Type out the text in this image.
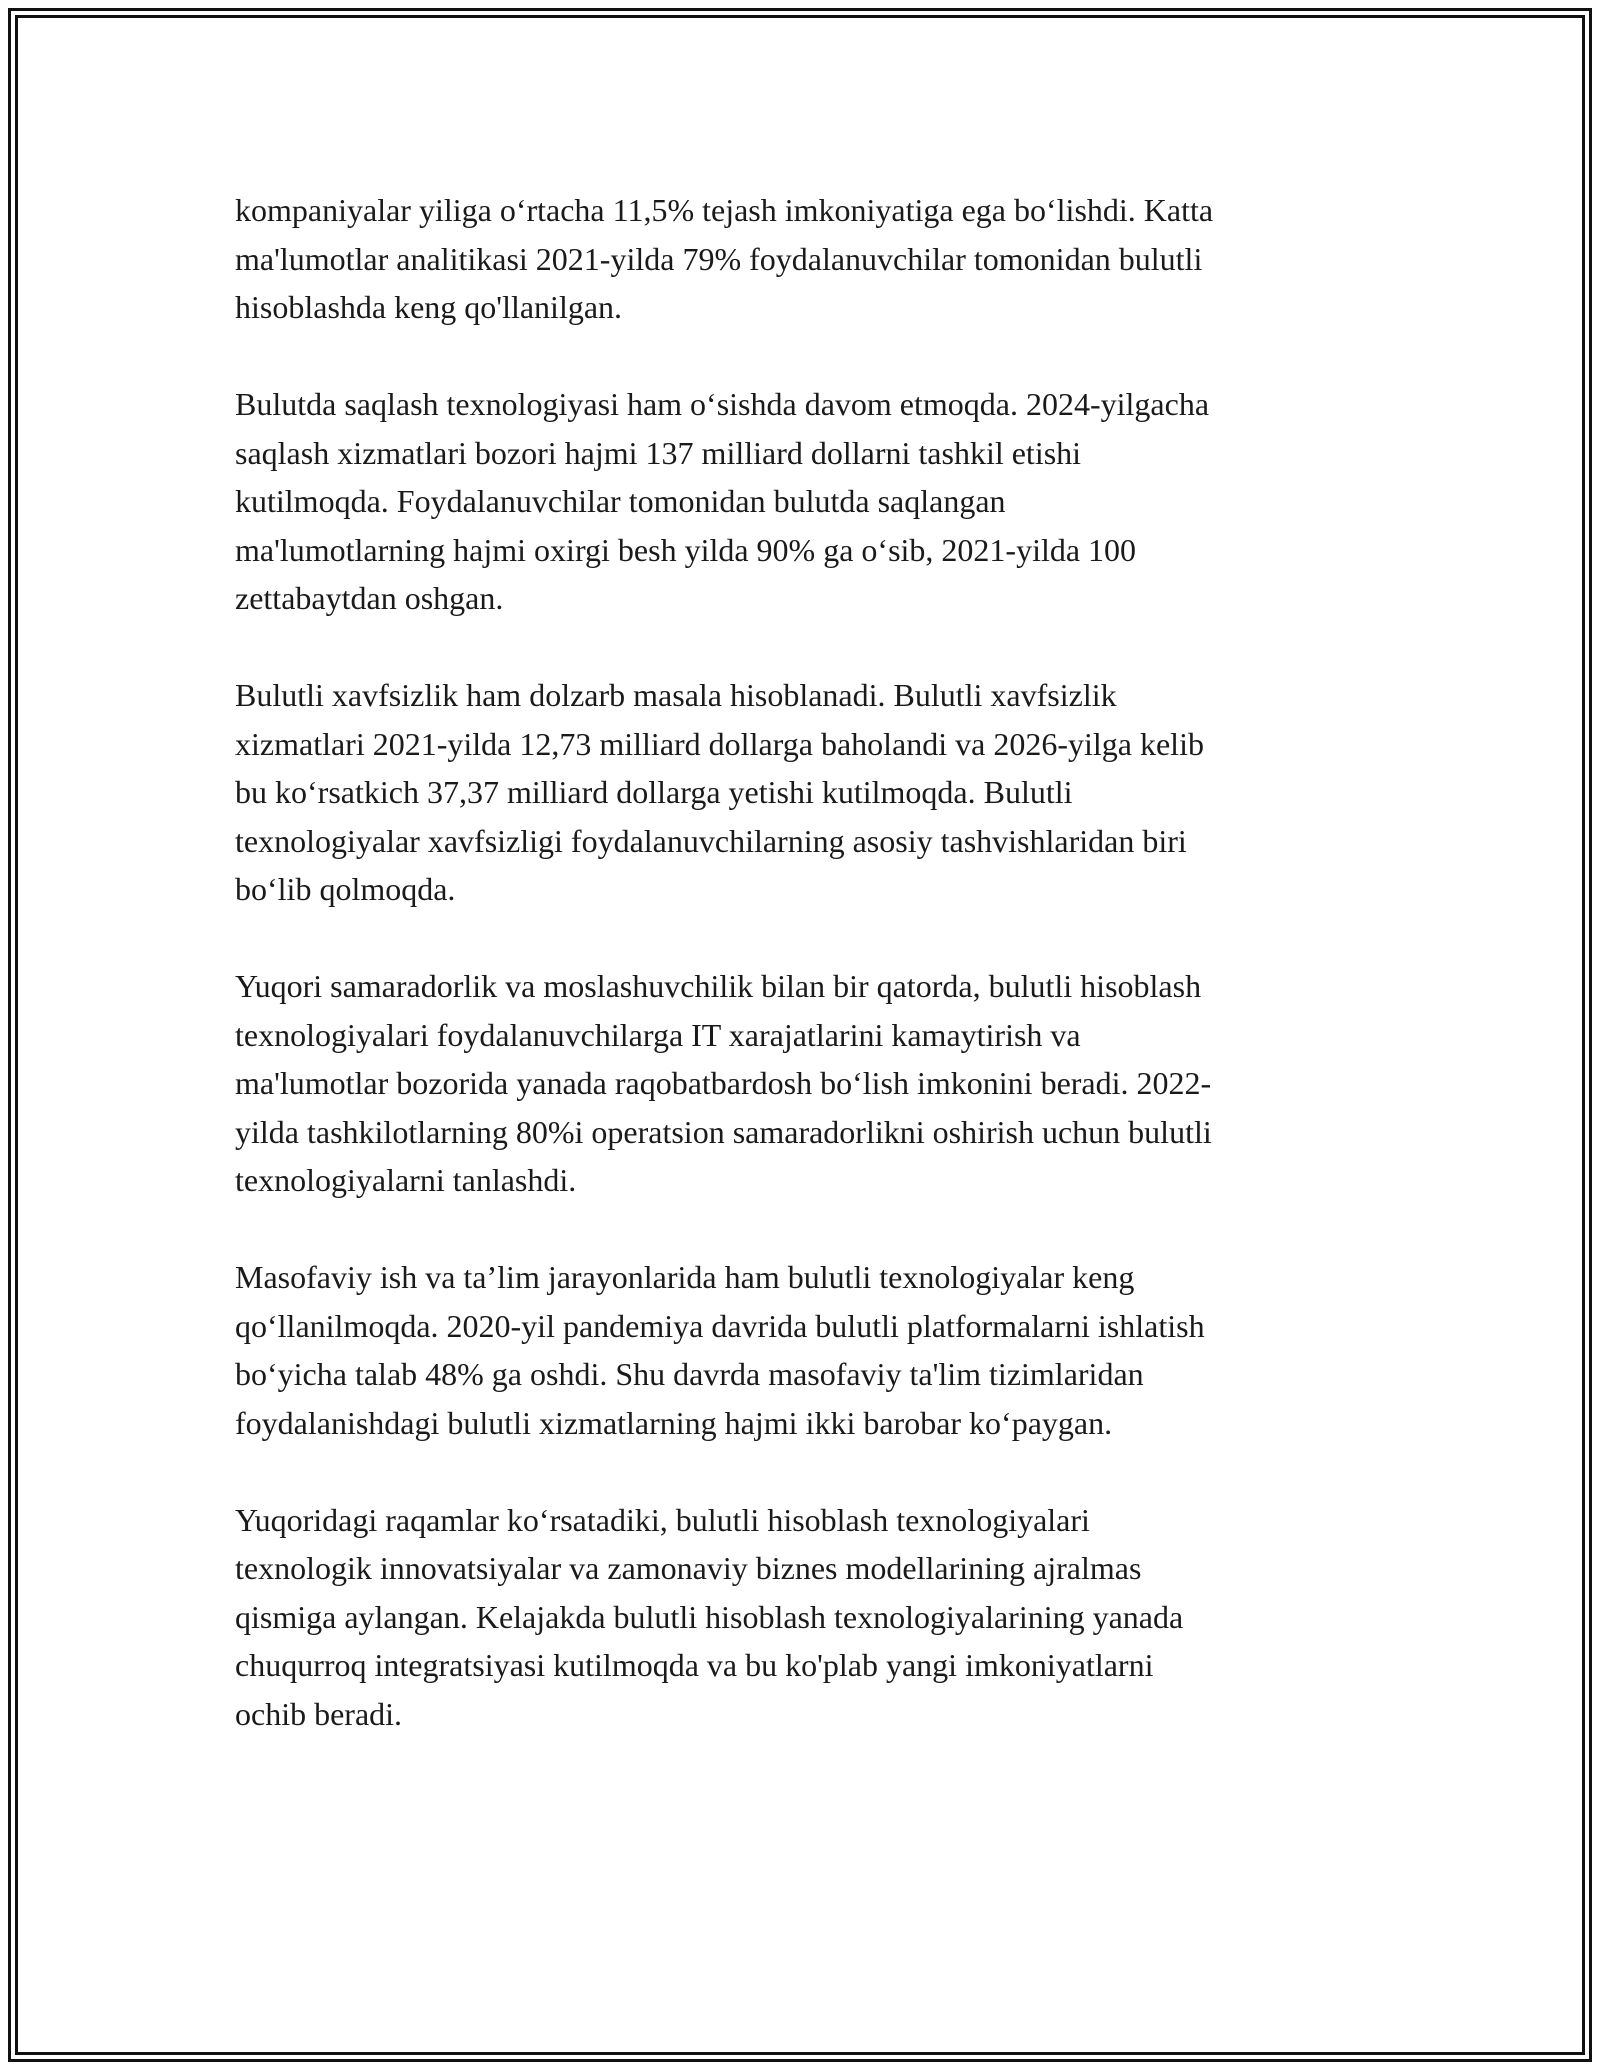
kompaniyalar yiliga o‘rtacha 11,5% tejash imkoniyatiga ega bo‘lishdi. Katta
ma'lumotlar analitikasi 2021-yilda 79% foydalanuvchilar tomonidan bulutli
hisoblashda keng qo'llanilgan.

Bulutda saqlash texnologiyasi ham o‘sishda davom etmoqda. 2024-yilgacha
saqlash xizmatlari bozori hajmi 137 milliard dollarni tashkil etishi
kutilmoqda. Foydalanuvchilar tomonidan bulutda saqlangan
ma'lumotlarning hajmi oxirgi besh yilda 90% ga o‘sib, 2021-yilda 100
zettabaytdan oshgan.

Bulutli xavfsizlik ham dolzarb masala hisoblanadi. Bulutli xavfsizlik
xizmatlari 2021-yilda 12,73 milliard dollarga baholandi va 2026-yilga kelib
bu ko‘rsatkich 37,37 milliard dollarga yetishi kutilmoqda. Bulutli
texnologiyalar xavfsizligi foydalanuvchilarning asosiy tashvishlaridan biri
bo‘lib qolmoqda.

Yuqori samaradorlik va moslashuvchilik bilan bir qatorda, bulutli hisoblash
texnologiyalari foydalanuvchilarga IT xarajatlarini kamaytirish va
ma'lumotlar bozorida yanada raqobatbardosh bo‘lish imkonini beradi. 2022-
yilda tashkilotlarning 80%i operatsion samaradorlikni oshirish uchun bulutli
texnologiyalarni tanlashdi.

Masofaviy ish va ta’lim jarayonlarida ham bulutli texnologiyalar keng
qo‘llanilmoqda. 2020-yil pandemiya davrida bulutli platformalarni ishlatish
bo‘yicha talab 48% ga oshdi. Shu davrda masofaviy ta'lim tizimlaridan
foydalanishdagi bulutli xizmatlarning hajmi ikki barobar ko‘paygan.

Yuqoridagi raqamlar ko‘rsatadiki, bulutli hisoblash texnologiyalari
texnologik innovatsiyalar va zamonaviy biznes modellarining ajralmas
qismiga aylangan. Kelajakda bulutli hisoblash texnologiyalarining yanada
chuqurroq integratsiyasi kutilmoqda va bu ko'plab yangi imkoniyatlarni
ochib beradi.
